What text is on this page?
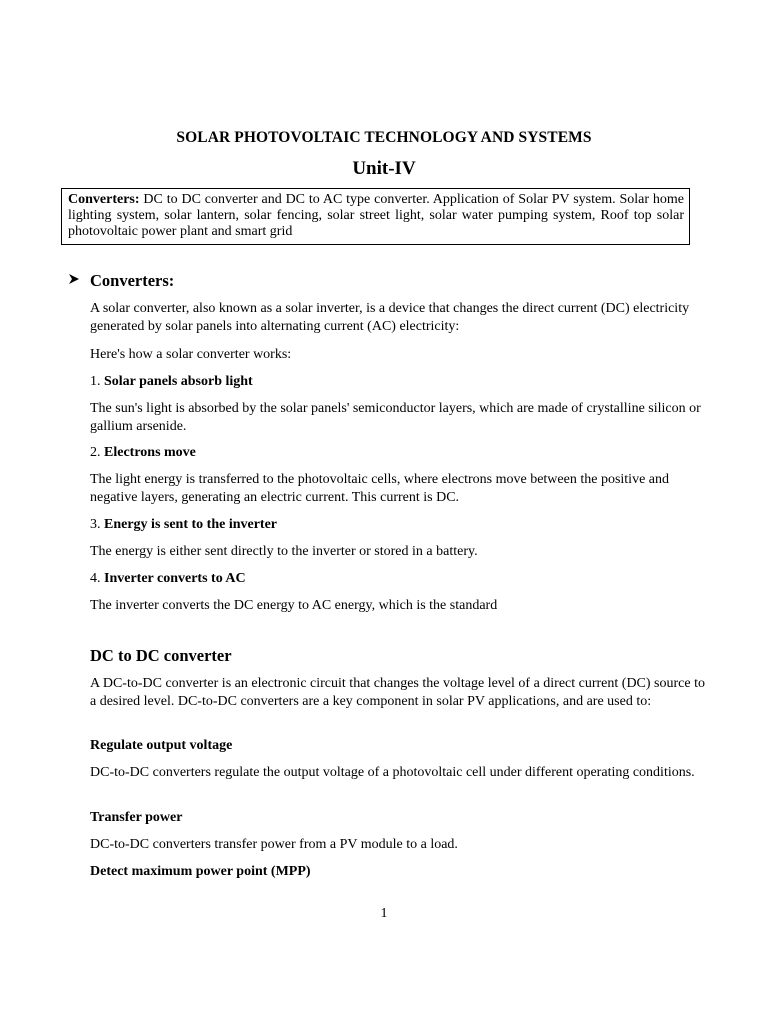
SOLAR PHOTOVOLTAIC TECHNOLOGY AND SYSTEMS
Unit-IV
Converters: DC to DC converter and DC to AC type converter. Application of Solar PV system. Solar home lighting system, solar lantern, solar fencing, solar street light, solar water pumping system, Roof top solar photovoltaic power plant and smart grid
Converters:

A solar converter, also known as a solar inverter, is a device that changes the direct current (DC) electricity generated by solar panels into alternating current (AC) electricity:

Here's how a solar converter works:

1. Solar panels absorb light

The sun's light is absorbed by the solar panels' semiconductor layers, which are made of crystalline silicon or gallium arsenide.

2. Electrons move

The light energy is transferred to the photovoltaic cells, where electrons move between the positive and negative layers, generating an electric current. This current is DC.

3. Energy is sent to the inverter

The energy is either sent directly to the inverter or stored in a battery.

4. Inverter converts to AC

The inverter converts the DC energy to AC energy, which is the standard

DC to DC converter

A DC-to-DC converter is an electronic circuit that changes the voltage level of a direct current (DC) source to a desired level. DC-to-DC converters are a key component in solar PV applications, and are used to:

Regulate output voltage

DC-to-DC converters regulate the output voltage of a photovoltaic cell under different operating conditions.

Transfer power

DC-to-DC converters transfer power from a PV module to a load.

Detect maximum power point (MPP)

1
